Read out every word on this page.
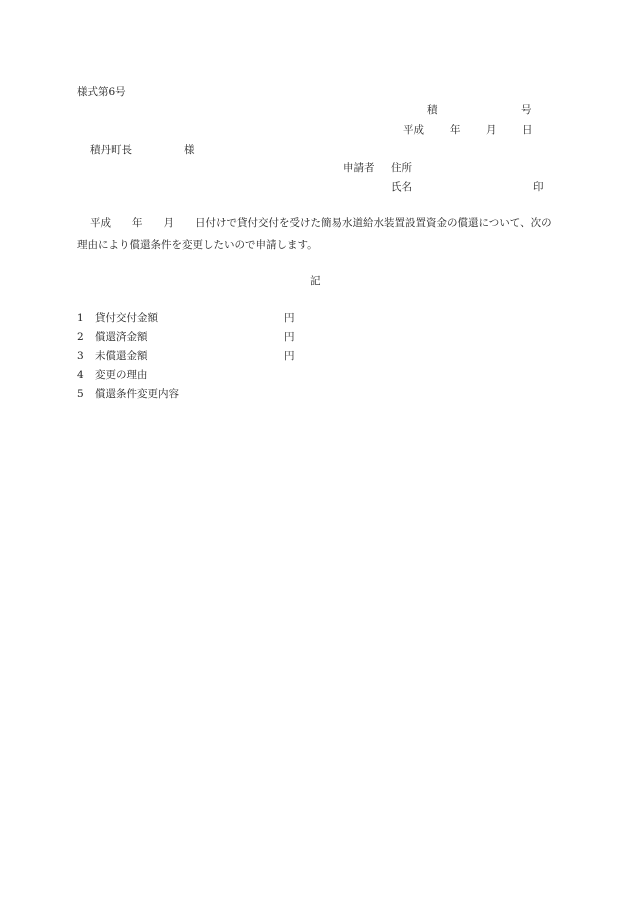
様式第6号
積	号
平成 年 月 日
積丹町長	様
申請者 住所
氏名	印
平成　　年　　月　　日付けで貸付交付を受けた簡易水道給水装置設置資金の償還について、次の理由により償還条件を変更したいので申請します。
記
1 貸付交付金額	円
2 償還済金額	円
3 未償還金額	円
4 変更の理由
5 償還条件変更内容
